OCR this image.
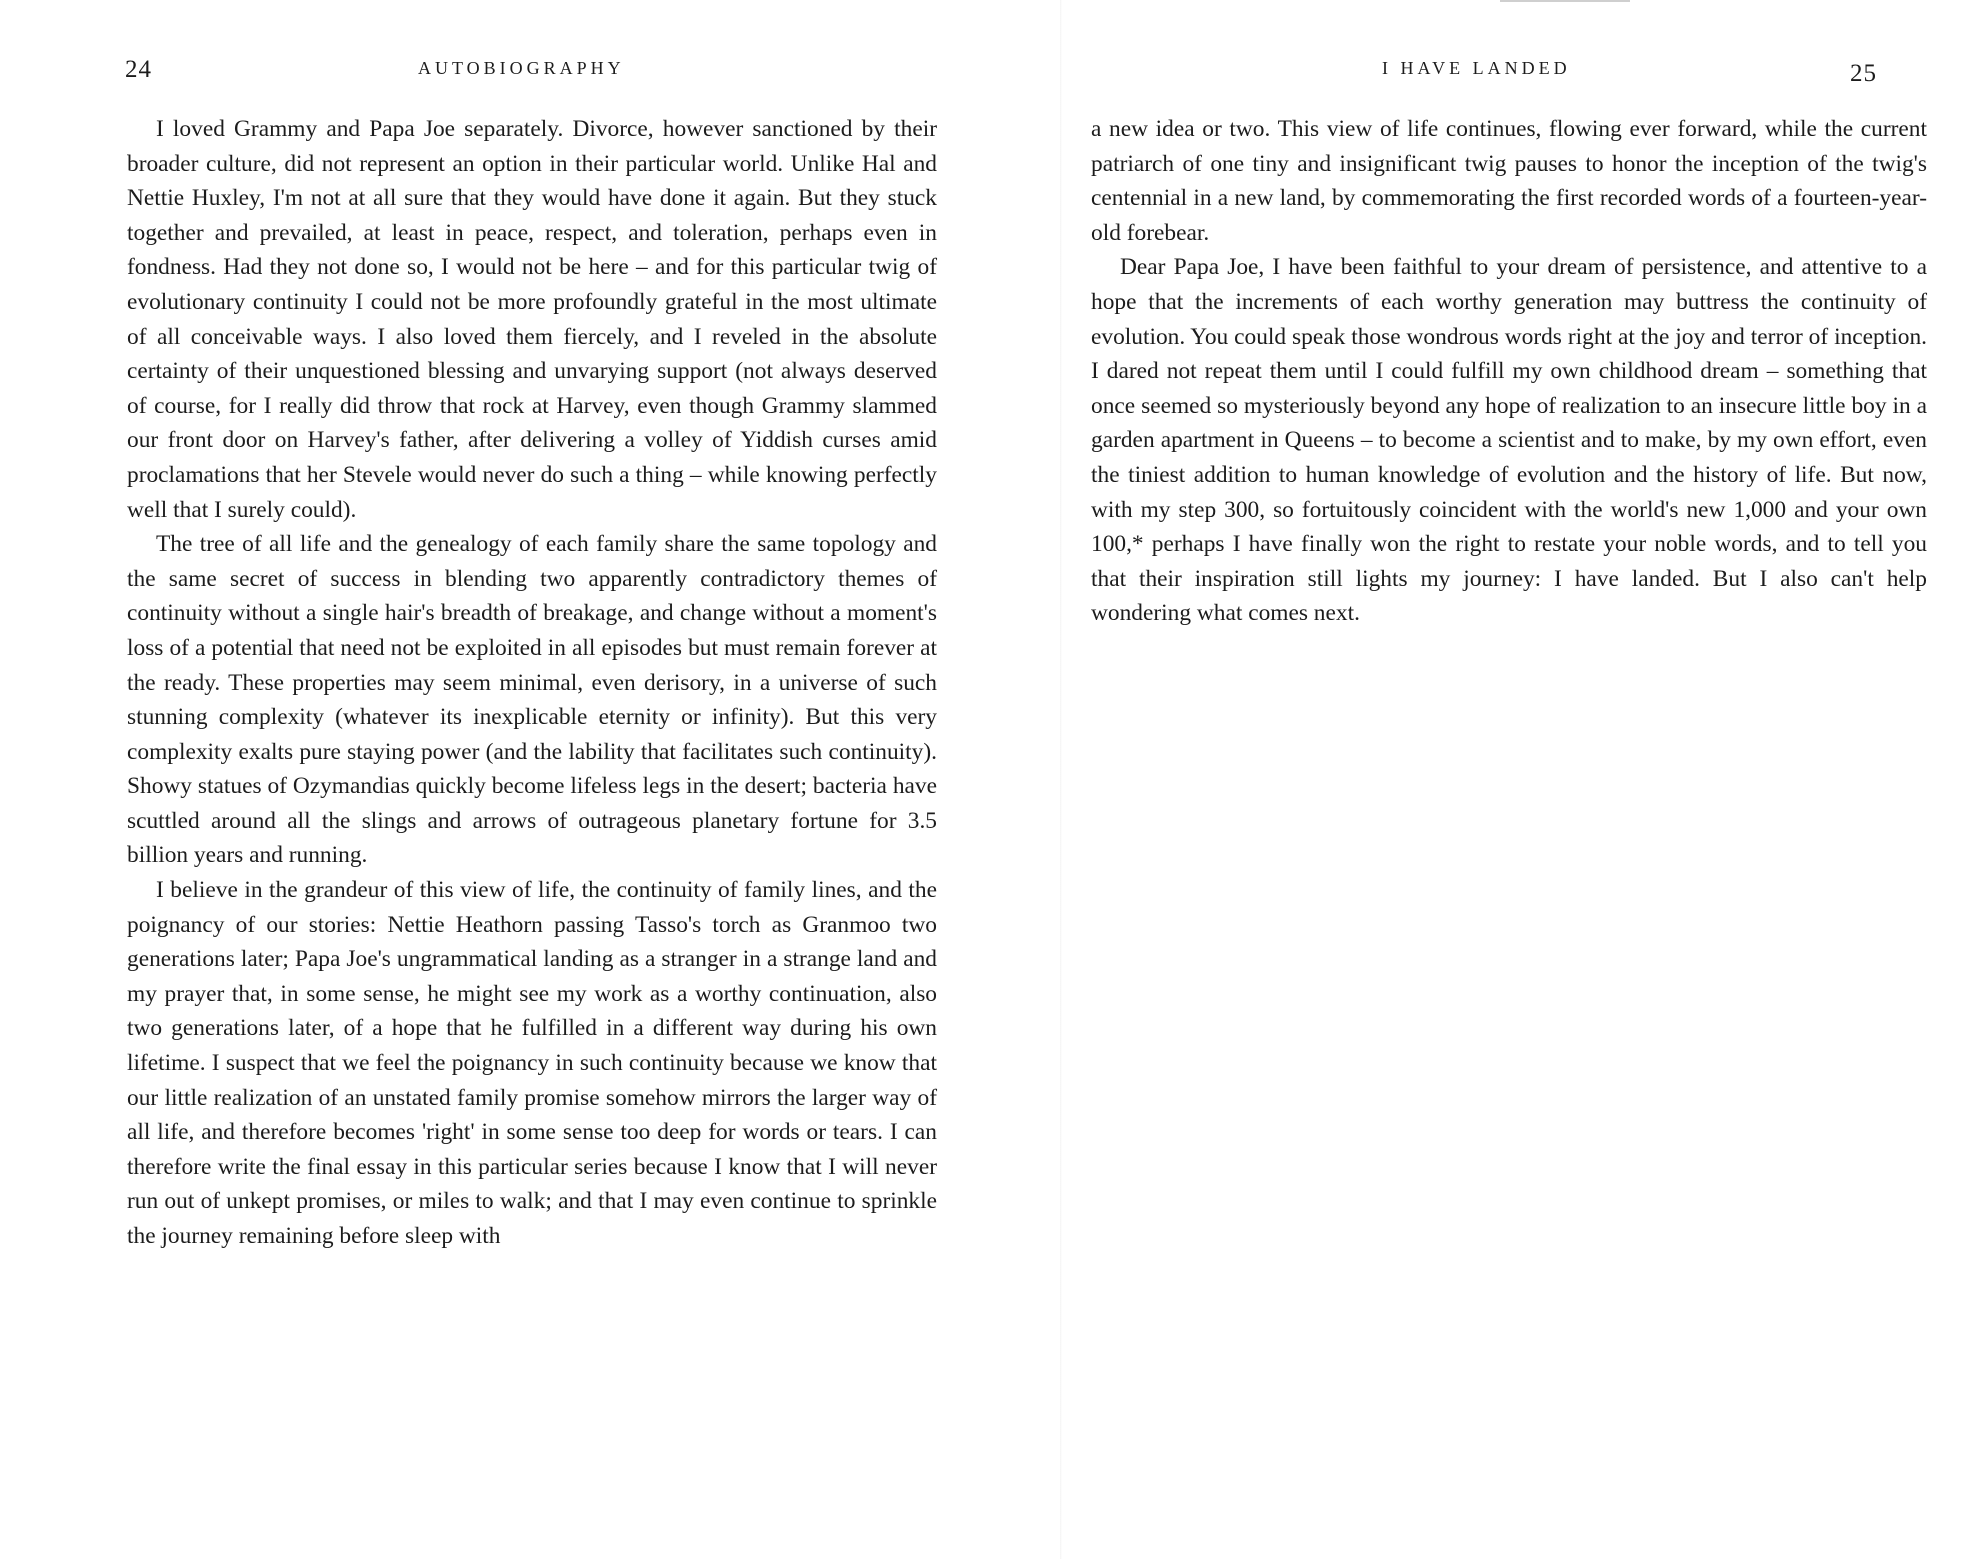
24	AUTOBIOGRAPHY

I loved Grammy and Papa Joe separately. Divorce, however sanctioned by their broader culture, did not represent an option in their particular world. Unlike Hal and Nettie Huxley, I'm not at all sure that they would have done it again. But they stuck together and prevailed, at least in peace, respect, and toleration, perhaps even in fondness. Had they not done so, I would not be here – and for this particular twig of evolutionary continuity I could not be more profoundly grateful in the most ultimate of all conceivable ways. I also loved them fiercely, and I reveled in the absolute certainty of their unquestioned blessing and unvarying support (not always deserved of course, for I really did throw that rock at Harvey, even though Grammy slammed our front door on Harvey's father, after delivering a volley of Yiddish curses amid proclamations that her Stevele would never do such a thing – while knowing perfectly well that I surely could).

The tree of all life and the genealogy of each family share the same topology and the same secret of success in blending two apparently contradictory themes of continuity without a single hair's breadth of breakage, and change without a moment's loss of a potential that need not be exploited in all episodes but must remain forever at the ready. These properties may seem minimal, even derisory, in a universe of such stunning complexity (whatever its inexplicable eternity or infinity). But this very complexity exalts pure staying power (and the lability that facilitates such continuity). Showy statues of Ozymandias quickly become lifeless legs in the desert; bacteria have scuttled around all the slings and arrows of outrageous planetary fortune for 3.5 billion years and running.

I believe in the grandeur of this view of life, the continuity of family lines, and the poignancy of our stories: Nettie Heathorn passing Tasso's torch as Granmoo two generations later; Papa Joe's ungrammatical landing as a stranger in a strange land and my prayer that, in some sense, he might see my work as a worthy continuation, also two generations later, of a hope that he fulfilled in a different way during his own lifetime. I suspect that we feel the poignancy in such continuity because we know that our little realization of an unstated family promise somehow mirrors the larger way of all life, and therefore becomes 'right' in some sense too deep for words or tears. I can therefore write the final essay in this particular series because I know that I will never run out of unkept promises, or miles to walk; and that I may even continue to sprinkle the journey remaining before sleep with

I HAVE LANDED	25

a new idea or two. This view of life continues, flowing ever forward, while the current patriarch of one tiny and insignificant twig pauses to honor the inception of the twig's centennial in a new land, by commemorating the first recorded words of a fourteen-year-old forebear.

Dear Papa Joe, I have been faithful to your dream of persistence, and attentive to a hope that the increments of each worthy generation may buttress the continuity of evolution. You could speak those wondrous words right at the joy and terror of inception. I dared not repeat them until I could fulfill my own childhood dream – something that once seemed so mysteriously beyond any hope of realization to an insecure little boy in a garden apartment in Queens – to become a scientist and to make, by my own effort, even the tiniest addition to human knowledge of evolution and the history of life. But now, with my step 300, so fortuitously coincident with the world's new 1,000 and your own 100,* perhaps I have finally won the right to restate your noble words, and to tell you that their inspiration still lights my journey: I have landed. But I also can't help wondering what comes next.
